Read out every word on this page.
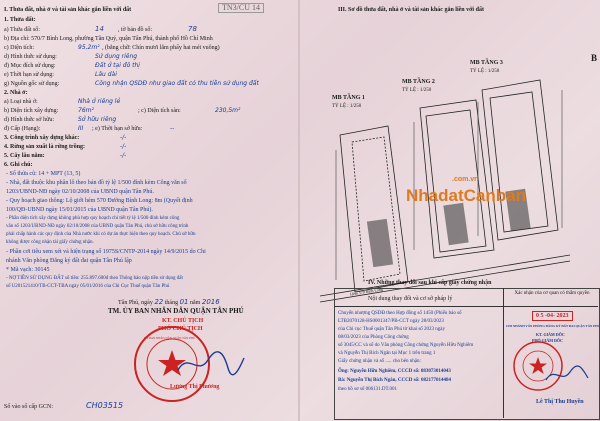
TN3/CU 14
I. Thửa đất, nhà ở và tài sản khác gắn liền với đất
1. Thửa đất:
a) Thửa đất số:	14 , tờ bản đồ số:	78
b) Địa chỉ: 570/7 Bình Long, phường Tân Quý, quận Tân Phú, thành phố Hồ Chí Minh
c) Diện tích:	95,2m² , (bằng chữ: Chín mươi lăm phẩy hai mét vuông)
d) Hình thức sử dụng:	Sử dụng riêng
đ) Mục đích sử dụng:	Đất ở tại đô thị
e) Thời hạn sử dụng:	Lâu dài
g) Nguồn gốc sử dụng:	Công nhận QSDĐ như giao đất có thu tiền sử dụng đất
2. Nhà ở:
a) Loại nhà ở:	Nhà ở riêng lẻ
b) Diện tích xây dựng:	76m²	; c) Diện tích sàn:	230,5m²
d) Hình thức sở hữu:	Sở hữu riêng
đ) Cấp (Hạng):	III ; e) Thời hạn sở hữu:	--
3. Công trình xây dựng khác:	-/-
4. Rừng sản xuất là rừng trồng:	-/-
5. Cây lâu năm:	-/-
6. Ghi chú:
- Số thửa cũ: 14 + MPT (13, 5)
- Nhà, đất thuộc khu phân lô theo bản đồ tỷ lệ 1/500 đính kèm Công văn số
1203/UBND-NĐ ngày 02/10/2008 của UBND quận Tân Phú.
- Quy hoạch giao thông: Lộ giới hẻm 570 Đường Bình Long: 8m (Quyết định
100/QĐ-UBND ngày 15/01/2015 của UBND quận Tân Phú).
- Phần diện tích xây dựng không phù hợp quy hoạch chi tiết tỷ lệ 1/500 đính kèm công
văn số 1203/UBND-NĐ ngày 02/10/2008 của UBND quận Tân Phú, chủ sở hữu công trình
phải chấp hành các quy định của Nhà nước khi có dự án thực hiện theo quy hoạch. Chủ sở hữu
không được công nhận tài giấy chứng nhận.
- Phần cơi tiêu xem xét và hiện trạng số 1975S/CNTP-2014 ngày 14/9/2015 do Chi
nhánh Văn phòng Đăng ký đất đai quận Tân Phú lập
* Mã vạch: 30145
- NỢ TIỀN SỬ DỤNG ĐẤT số tiền: 255.897.600đ theo Thông báo nộp tiền sử dụng đất
số U201521410/TB-CCT-TBA ngày 05/01/2016 của Chi Cục Thuế quận Tân Phú
Tân Phú, ngày 22 tháng 01 năm 2016
TM. ỦY BAN NHÂN DÂN QUẬN TÂN PHÚ
KT. CHỦ TỊCH
PHÓ CHỦ TỊCH
ỦY BAN NHÂN DÂN QUẬN TÂN PHÚ
Lương Thị Phương
Số vào sổ cấp GCN:	CH03515
III. Sơ đồ thửa đất, nhà ở và tài sản khác gắn liền với đất
B
MB TẦNG 1
TỶ LỆ : 1/250
MB TẦNG 2
TỶ LỆ : 1/250
MB TẦNG 3
TỶ LỆ : 1/250
Hẻm 570 Bình Long
NhadatCanban
.com.vn
IV. Những thay đổi sau khi cấp giấy chứng nhận
Nội dung thay đổi và cơ sở pháp lý
Xác nhận của cơ quan có thẩm quyền
Chuyển nhượng QSDĐ theo Hợp đồng số 1450 (Phiếu báo số
LTB2070128-HS0001347/PB-CCT ngày 28/03/2023
của Chi cục Thuế quận Tân Phú tờ khai số 2023 ngày
08/03/2023 của Phòng Công chứng
số 3045/CC và số do Văn phòng Công chứng Nguyễn Hữu Nghiêm
và Nguyễn Thị Bích Ngân tại Mục 1 trên trang 1
Giấy chứng nhận và số ..... cho bên nhận:
Ông: Nguyễn Hữu Nghiêm, CCCD số: 083073014043
Bà: Nguyễn Thị Bích Ngân, CCCD số: 082177014484
theo hồ sơ số 006131.DT.001
0 5 -04- 2023
CHI NHÁNH VĂN PHÒNG ĐĂNG KÝ ĐẤT ĐAI QUẬN TÂN PHÚ
KT. GIÁM ĐỐC
PHÓ GIÁM ĐỐC
Lê Thị Thu Huyền
